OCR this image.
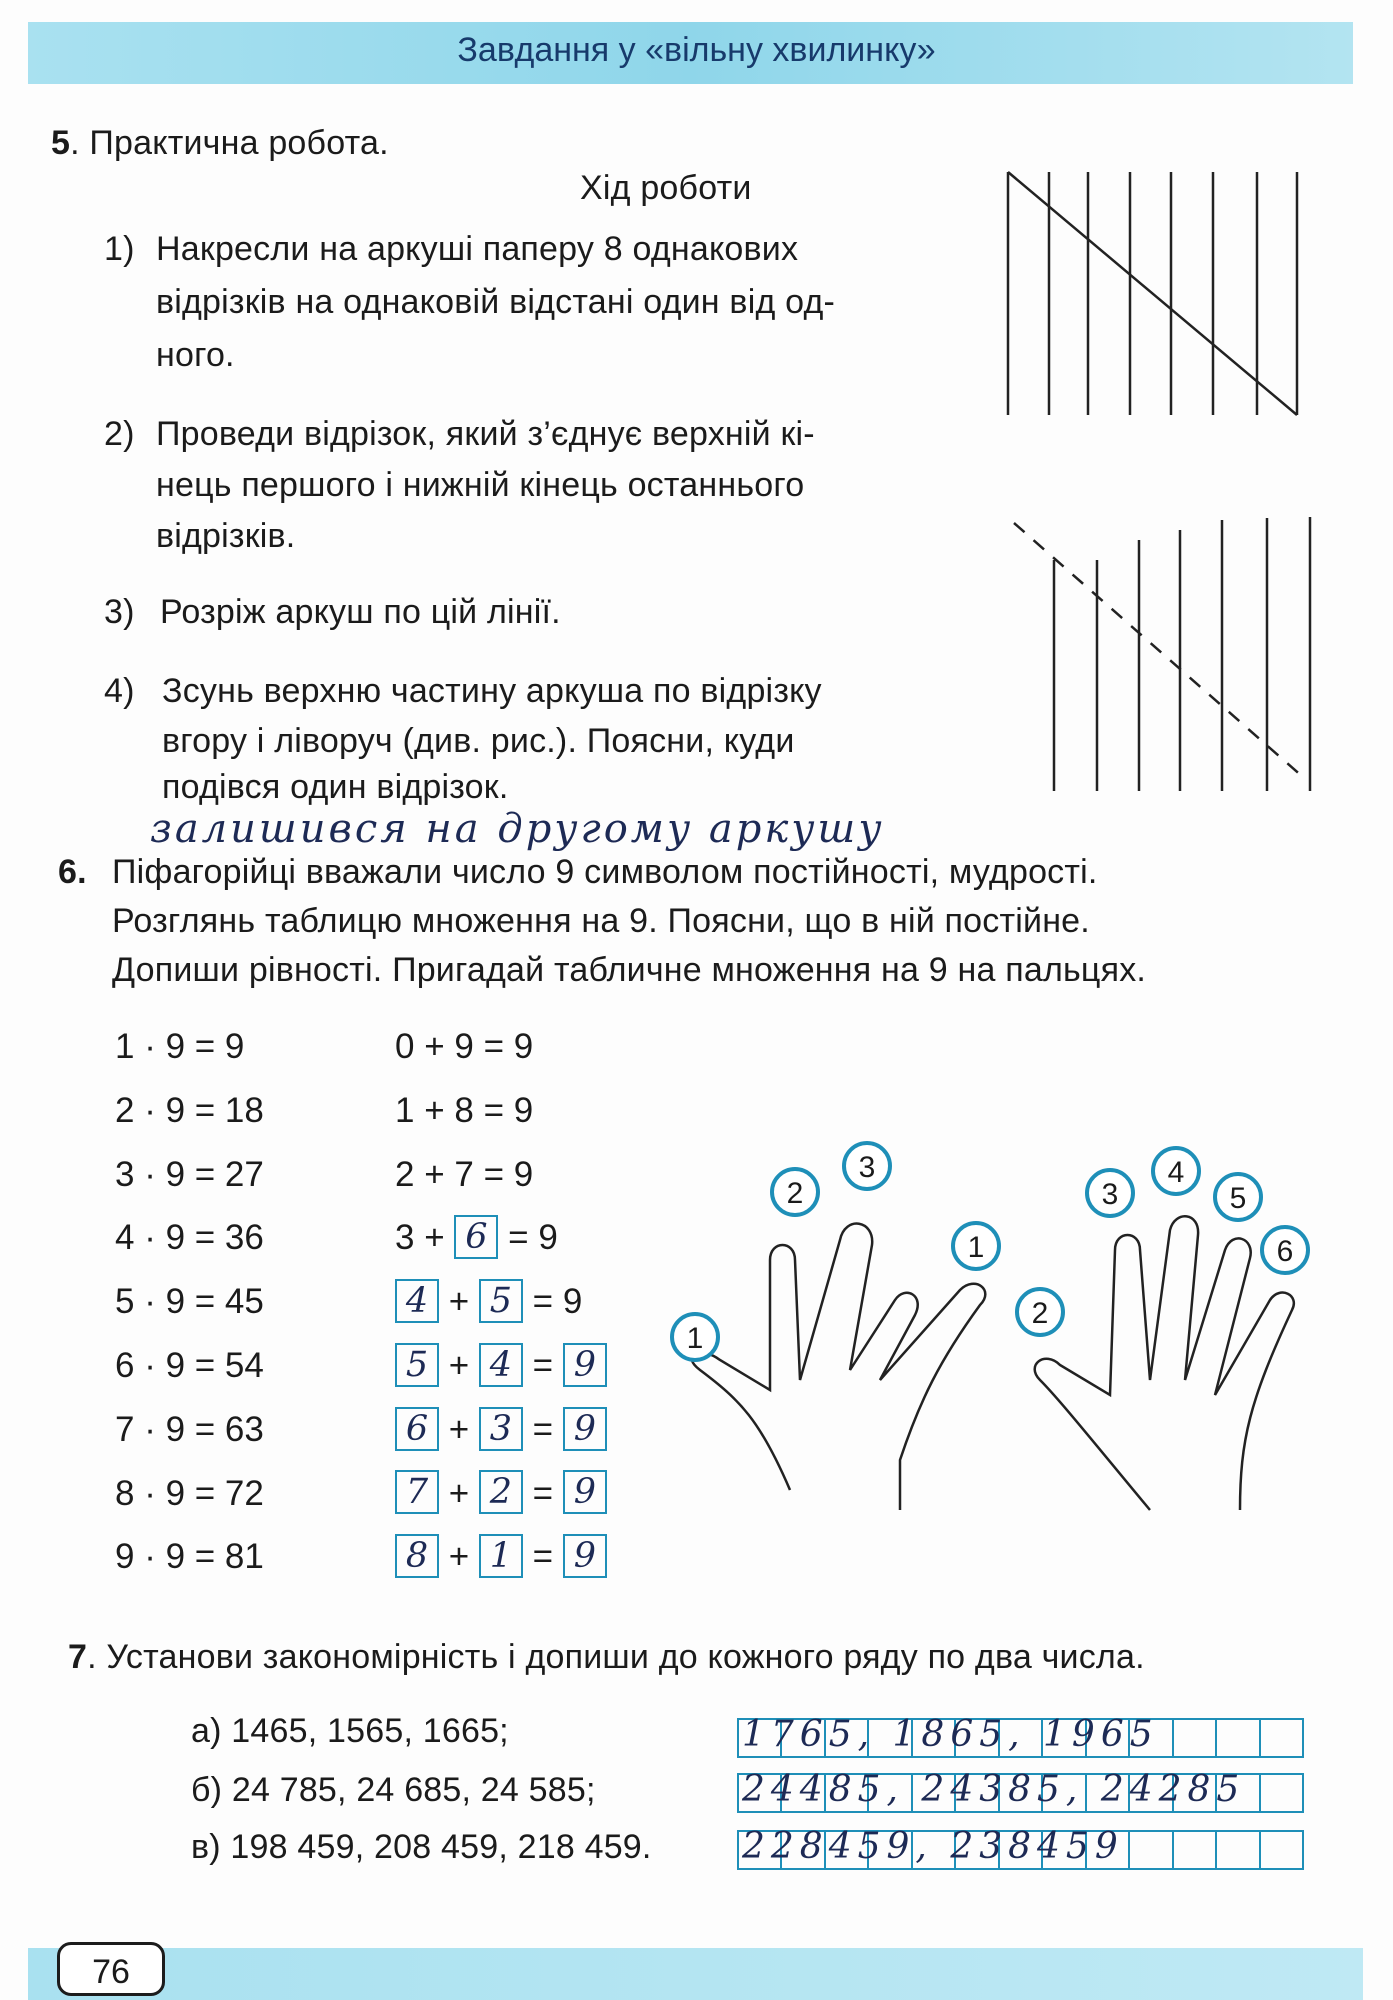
Завдання у «вільну хвилинку»
5. Практична робота.
Хід роботи
1) Накресли на аркуші паперу 8 однакових
відрізків на однаковій відстані один від од-
ного.
2) Проведи відрізок, який з’єднує верхній кі-
нець першого і нижній кінець останнього
відрізків.
3) Розріж аркуш по цій лінії.
4) Зсунь верхню частину аркуша по відрізку
вгору і ліворуч (див. рис.). Поясни, куди
подівся один відрізок.
залишився на другому аркушу
6. Піфагорійці вважали число 9 символом постійності, мудрості.
Розглянь таблицю множення на 9. Поясни, що в ній постійне.
Допиши рівності. Пригадай табличне множення на 9 на пальцях.
1 · 9 = 9	0 + 9 = 9
2 · 9 = 18	1 + 8 = 9
3 · 9 = 27	2 + 7 = 9
4 · 9 = 36	3 + 6 = 9
5 · 9 = 45	4 + 5 = 9
6 · 9 = 54	5 + 4 = 9
7 · 9 = 63	6 + 3 = 9
8 · 9 = 72	7 + 2 = 9
9 · 9 = 81	8 + 1 = 9
7. Установи закономірність і допиши до кожного ряду по два числа.
а) 1465, 1565, 1665;
б) 24 785, 24 685, 24 585;
в) 198 459, 208 459, 218 459.
1765, 1865, 1965
24485, 24385, 24285
228459, 238459
76
2
3
1
1
3
4
5
6
2
